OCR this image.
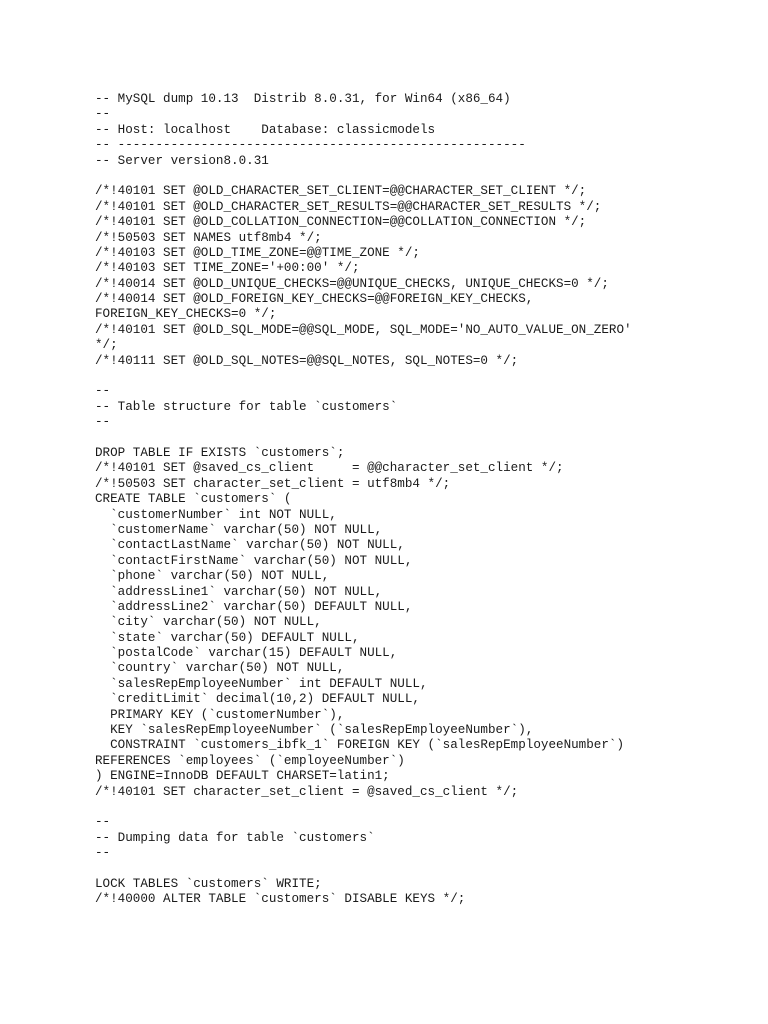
-- MySQL dump 10.13  Distrib 8.0.31, for Win64 (x86_64)
--
-- Host: localhost    Database: classicmodels
-- ------------------------------------------------------
-- Server version8.0.31
/*!40101 SET @OLD_CHARACTER_SET_CLIENT=@@CHARACTER_SET_CLIENT */;
/*!40101 SET @OLD_CHARACTER_SET_RESULTS=@@CHARACTER_SET_RESULTS */;
/*!40101 SET @OLD_COLLATION_CONNECTION=@@COLLATION_CONNECTION */;
/*!50503 SET NAMES utf8mb4 */;
/*!40103 SET @OLD_TIME_ZONE=@@TIME_ZONE */;
/*!40103 SET TIME_ZONE='+00:00' */;
/*!40014 SET @OLD_UNIQUE_CHECKS=@@UNIQUE_CHECKS, UNIQUE_CHECKS=0 */;
/*!40014 SET @OLD_FOREIGN_KEY_CHECKS=@@FOREIGN_KEY_CHECKS,
FOREIGN_KEY_CHECKS=0 */;
/*!40101 SET @OLD_SQL_MODE=@@SQL_MODE, SQL_MODE='NO_AUTO_VALUE_ON_ZERO'
*/;
/*!40111 SET @OLD_SQL_NOTES=@@SQL_NOTES, SQL_NOTES=0 */;
--
-- Table structure for table `customers`
--
DROP TABLE IF EXISTS `customers`;
/*!40101 SET @saved_cs_client     = @@character_set_client */;
/*!50503 SET character_set_client = utf8mb4 */;
CREATE TABLE `customers` (
`customerNumber` int NOT NULL,
`customerName` varchar(50) NOT NULL,
`contactLastName` varchar(50) NOT NULL,
`contactFirstName` varchar(50) NOT NULL,
`phone` varchar(50) NOT NULL,
`addressLine1` varchar(50) NOT NULL,
`addressLine2` varchar(50) DEFAULT NULL,
`city` varchar(50) NOT NULL,
`state` varchar(50) DEFAULT NULL,
`postalCode` varchar(15) DEFAULT NULL,
`country` varchar(50) NOT NULL,
`salesRepEmployeeNumber` int DEFAULT NULL,
`creditLimit` decimal(10,2) DEFAULT NULL,
PRIMARY KEY (`customerNumber`),
KEY `salesRepEmployeeNumber` (`salesRepEmployeeNumber`),
CONSTRAINT `customers_ibfk_1` FOREIGN KEY (`salesRepEmployeeNumber`)
REFERENCES `employees` (`employeeNumber`)
) ENGINE=InnoDB DEFAULT CHARSET=latin1;
/*!40101 SET character_set_client = @saved_cs_client */;
--
-- Dumping data for table `customers`
--
LOCK TABLES `customers` WRITE;
/*!40000 ALTER TABLE `customers` DISABLE KEYS */;
